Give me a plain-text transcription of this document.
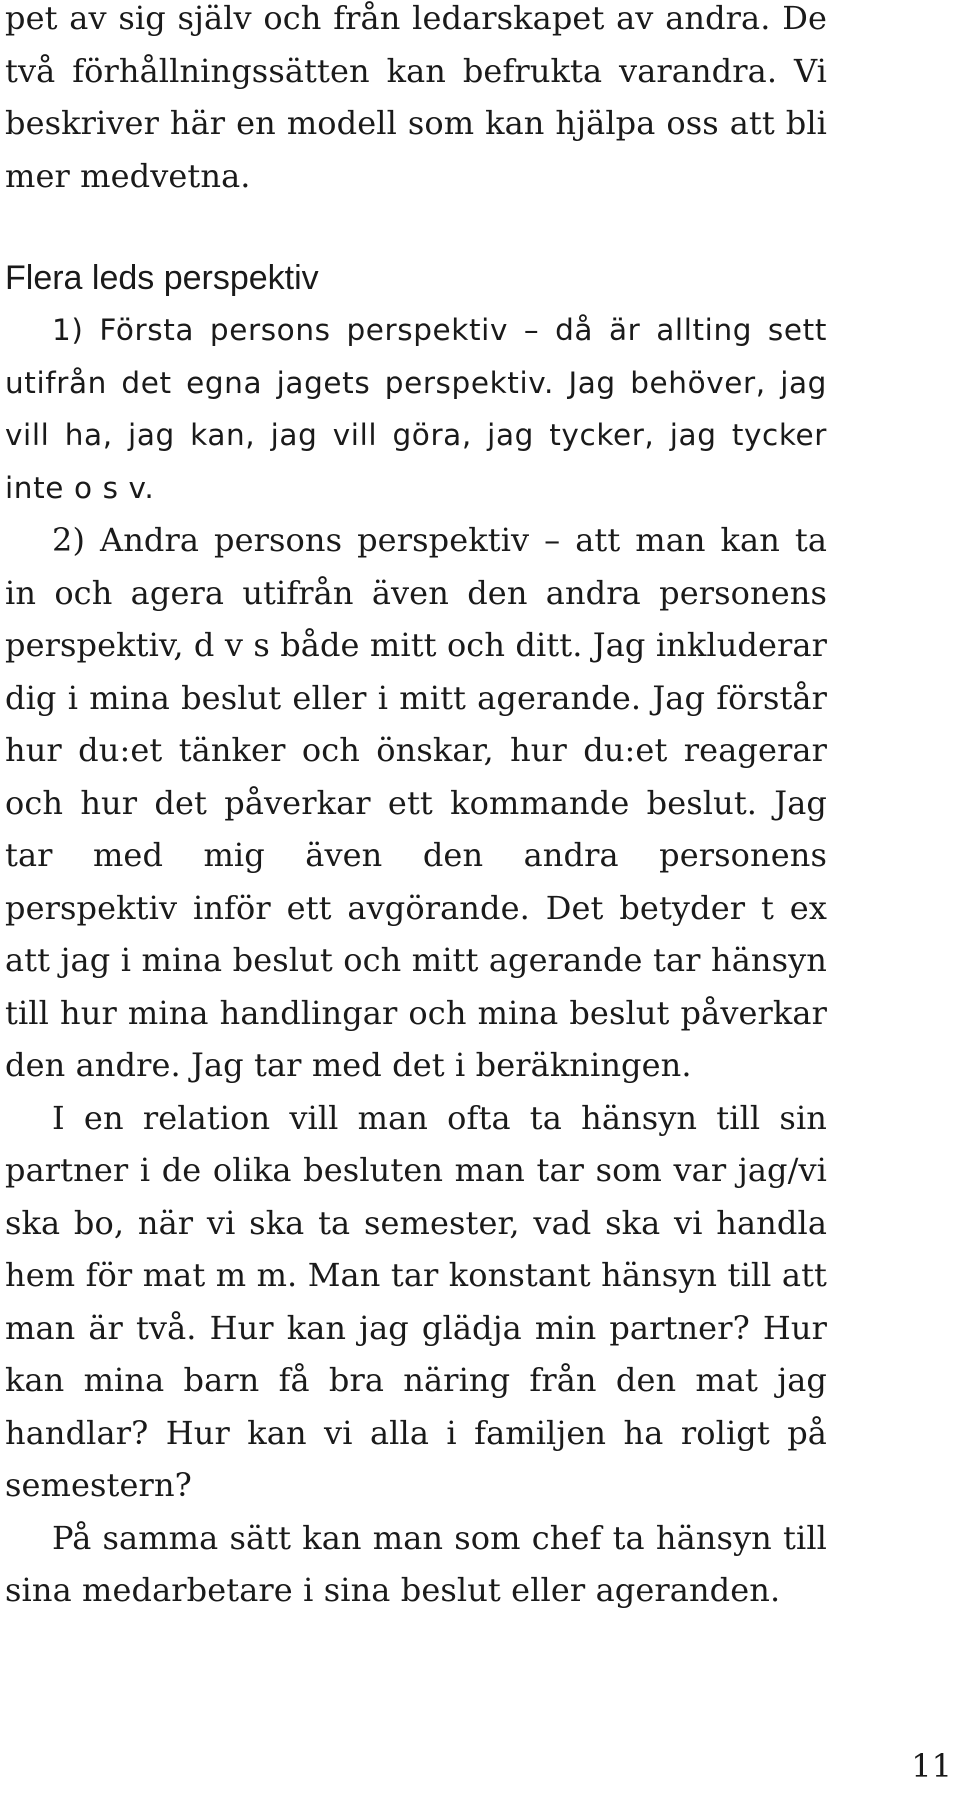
pet av sig själv och från ledarskapet av andra. De två förhållningssätten kan befrukta varandra. Vi beskriver här en modell som kan hjälpa oss att bli mer medvetna.

Flera leds perspektiv

1) Första persons perspektiv – då är allting sett utifrån det egna jagets perspektiv. Jag behöver, jag vill ha, jag kan, jag vill göra, jag tycker, jag tycker inte o s v.

2) Andra persons perspektiv – att man kan ta in och agera utifrån även den andra personens perspektiv, d v s både mitt och ditt. Jag inkluderar dig i mina beslut eller i mitt agerande. Jag förstår hur du:et tänker och önskar, hur du:et reagerar och hur det påverkar ett kommande beslut. Jag tar med mig även den andra personens perspektiv inför ett avgörande. Det betyder t ex att jag i mina beslut och mitt agerande tar hänsyn till hur mina handlingar och mina beslut påverkar den andre. Jag tar med det i beräkningen.

I en relation vill man ofta ta hänsyn till sin partner i de olika besluten man tar som var jag/vi ska bo, när vi ska ta semester, vad ska vi handla hem för mat m m. Man tar konstant hänsyn till att man är två. Hur kan jag glädja min partner? Hur kan mina barn få bra näring från den mat jag handlar? Hur kan vi alla i familjen ha roligt på semestern?

På samma sätt kan man som chef ta hänsyn till sina medarbetare i sina beslut eller ageranden.

11
